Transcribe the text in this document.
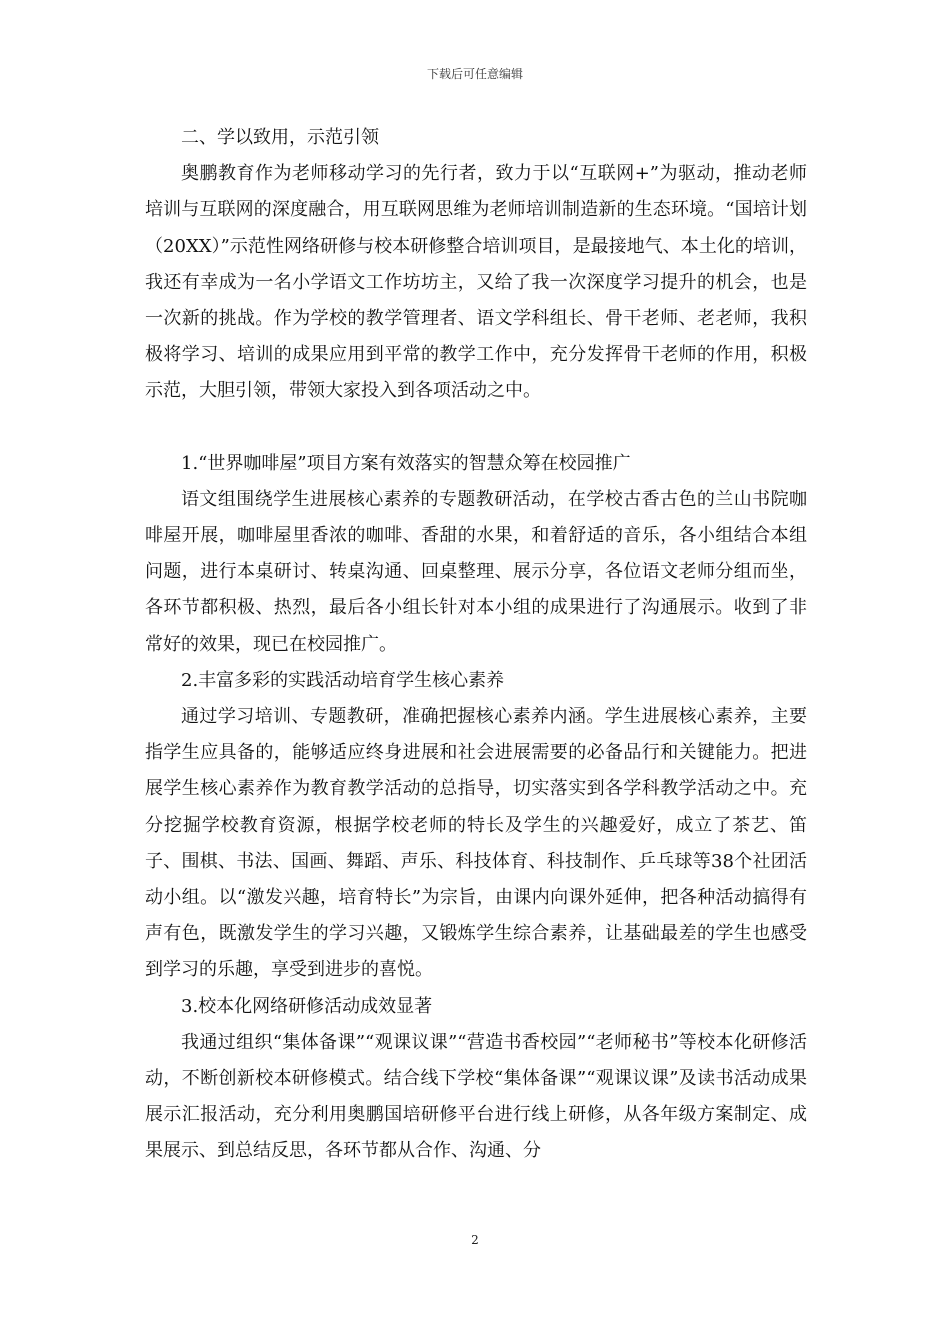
下载后可任意编辑

二、学以致用，示范引领

奥鹏教育作为老师移动学习的先行者，致力于以“互联网+”为驱动，推动老师培训与互联网的深度融合，用互联网思维为老师培训制造新的生态环境。“国培计划（20XX）”示范性网络研修与校本研修整合培训项目，是最接地气、本土化的培训，我还有幸成为一名小学语文工作坊坊主，又给了我一次深度学习提升的机会，也是一次新的挑战。作为学校的教学管理者、语文学科组长、骨干老师、老老师，我积极将学习、培训的成果应用到平常的教学工作中，充分发挥骨干老师的作用，积极示范，大胆引领，带领大家投入到各项活动之中。

1.“世界咖啡屋”项目方案有效落实的智慧众筹在校园推广

语文组围绕学生进展核心素养的专题教研活动，在学校古香古色的兰山书院咖啡屋开展，咖啡屋里香浓的咖啡、香甜的水果，和着舒适的音乐，各小组结合本组问题，进行本桌研讨、转桌沟通、回桌整理、展示分享，各位语文老师分组而坐，各环节都积极、热烈，最后各小组长针对本小组的成果进行了沟通展示。收到了非常好的效果，现已在校园推广。

2.丰富多彩的实践活动培育学生核心素养

通过学习培训、专题教研，准确把握核心素养内涵。学生进展核心素养，主要指学生应具备的，能够适应终身进展和社会进展需要的必备品行和关键能力。把进展学生核心素养作为教育教学活动的总指导，切实落实到各学科教学活动之中。充分挖掘学校教育资源，根据学校老师的特长及学生的兴趣爱好，成立了茶艺、笛子、围棋、书法、国画、舞蹈、声乐、科技体育、科技制作、乒乓球等38个社团活动小组。以“激发兴趣，培育特长”为宗旨，由课内向课外延伸，把各种活动搞得有声有色，既激发学生的学习兴趣，又锻炼学生综合素养，让基础最差的学生也感受到学习的乐趣，享受到进步的喜悦。

3.校本化网络研修活动成效显著

我通过组织“集体备课”“观课议课”“营造书香校园”“老师秘书”等校本化研修活动，不断创新校本研修模式。结合线下学校“集体备课”“观课议课”及读书活动成果展示汇报活动，充分利用奥鹏国培研修平台进行线上研修，从各年级方案制定、成果展示、到总结反思，各环节都从合作、沟通、分

2
